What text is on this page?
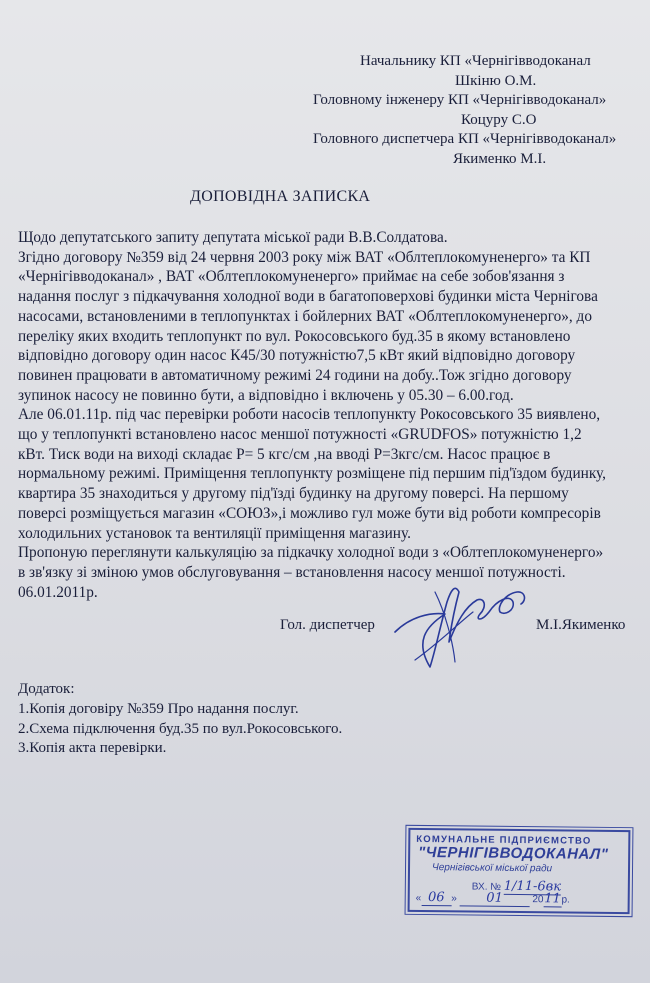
Начальнику КП «Чернігівводоканал
Шкіню О.М.
Головному інженеру КП «Чернігівводоканал»
Коцуру С.О
Головного диспетчера КП «Чернігівводоканал»
Якименко М.І.
ДОПОВІДНА ЗАПИСКА
Щодо депутатського запиту депутата міської ради В.В.Солдатова.
Згідно договору №359 від 24 червня 2003 року між ВАТ «Облтеплокомуненерго» та КП
«Чернігівводоканал» , ВАТ «Облтеплокомуненерго» приймає на себе зобов'язання з
надання послуг з підкачування холодної води в багатоповерхові будинки міста Чернігова
насосами, встановленими в теплопунктах і бойлерних ВАТ «Облтеплокомуненерго», до
переліку яких входить теплопункт по вул. Рокосовського буд.35 в якому встановлено
відповідно договору один насос К45/30 потужністю7,5 кВт який відповідно договору
повинен працювати в автоматичному режимі 24 години на добу..Тож згідно договору
зупинок насосу не повинно бути, а відповідно і включень у 05.30 – 6.00.год.
Але 06.01.11р. під час перевірки роботи насосів теплопункту Рокосовського 35 виявлено,
що у теплопункті встановлено насос меншої потужності «GRUDFOS» потужністю 1,2
кВт. Тиск води на виході складає Р= 5 кгс/см ,на вводі Р=3кгс/см. Насос працює в
нормальному режимі. Приміщення теплопункту розміщене під першим під'їздом будинку,
квартира 35 знаходиться у другому під'їзді будинку на другому поверсі. На першому
поверсі розміщується магазин «СОЮЗ»,і можливо гул може бути від роботи компресорів
холодильних установок та вентиляції приміщення магазину.
Пропоную переглянути калькуляцію за підкачку холодної води з «Облтеплокомуненерго»
в зв'язку зі зміною умов обслуговування – встановлення насосу меншої потужності.
06.01.2011р.
Гол. диспетчер	М.І.Якименко
Додаток:
1.Копія договіру №359 Про надання послуг.
2.Схема підключення буд.35 по вул.Рокосовського.
3.Копія акта перевірки.
КОМУНАЛЬНЕ ПІДПРИЄМСТВО
"ЧЕРНІГІВВОДОКАНАЛ"
Чернігівської міської ради
ВХ. № 1/11-6вк
« 06 » 01	2011р.
